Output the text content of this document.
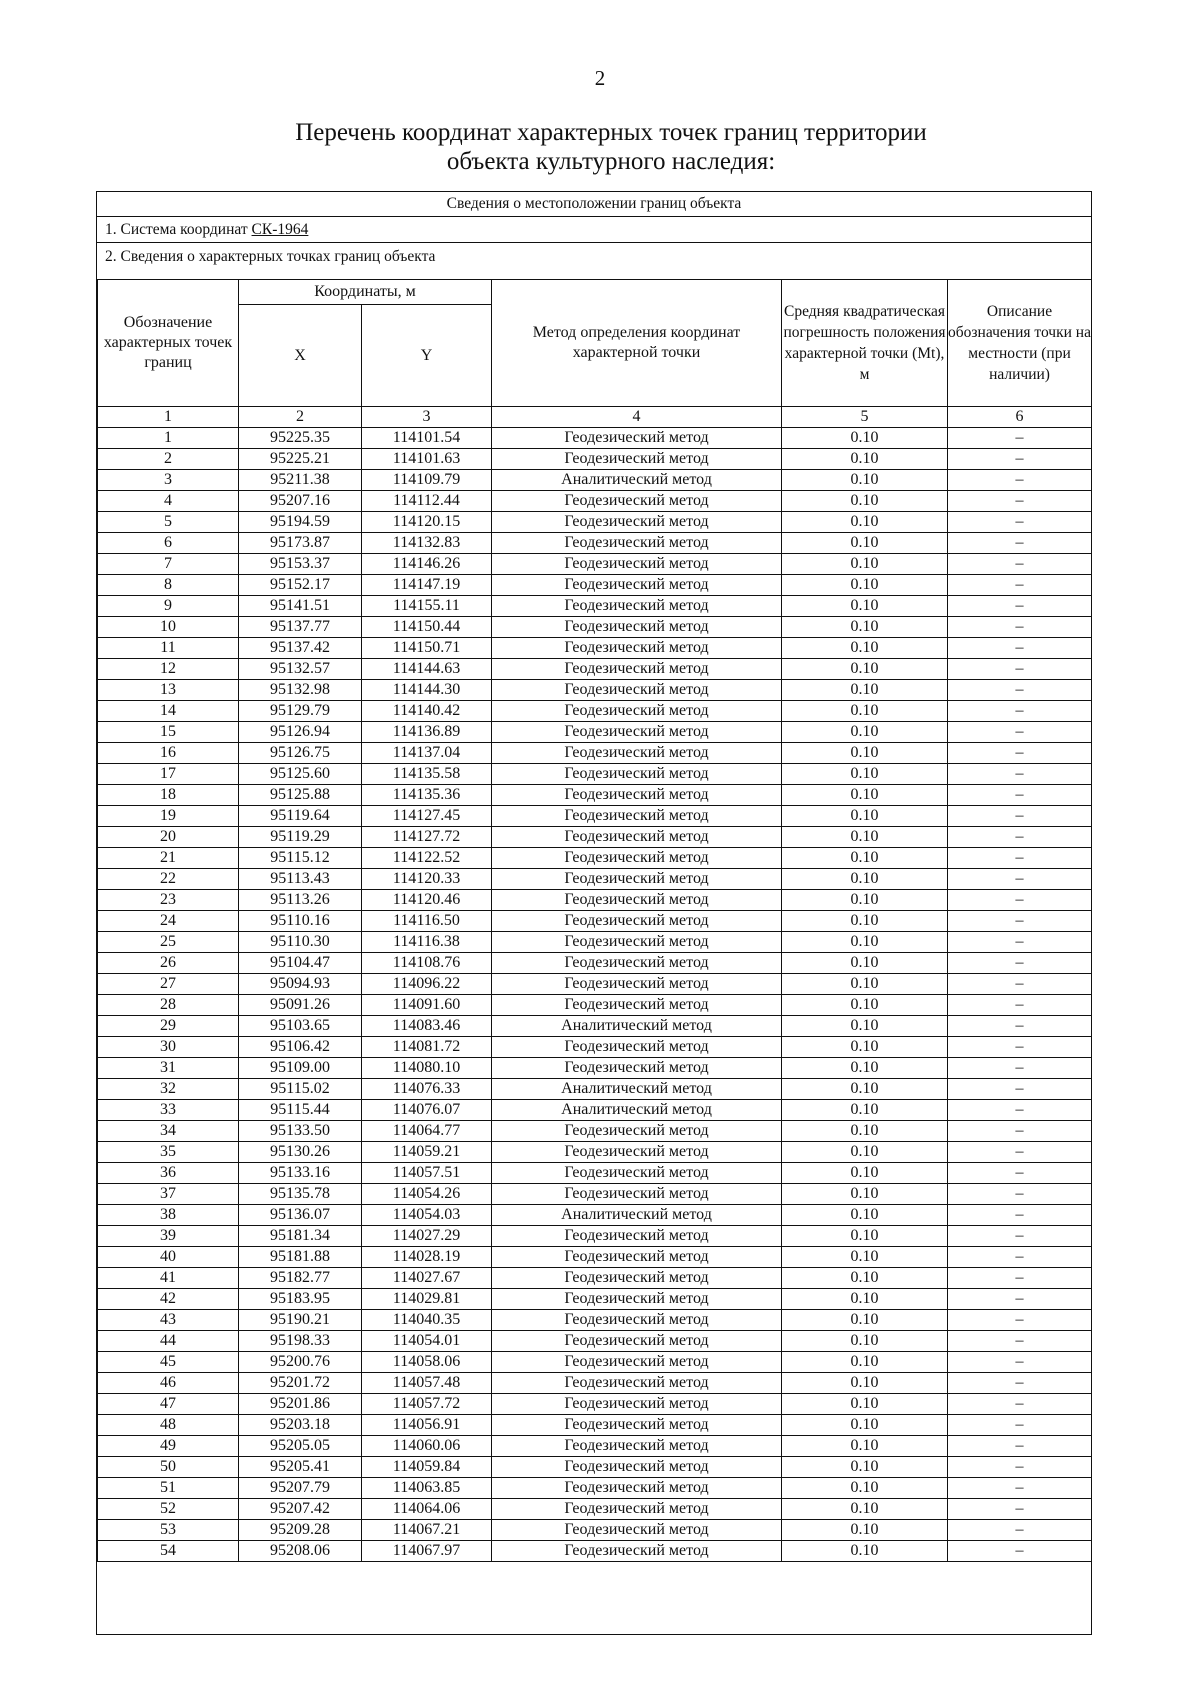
2
Перечень координат характерных точек границ территории
объекта культурного наследия:
Сведения о местоположении границ объекта
1. Система координат СК-1964
2. Сведения о характерных точках границ объекта
Обозначение характерных точек границ	Координаты, м		Метод определения координат характерной точки	Средняя квадратическая погрешность положения характерной точки (Mt), м	Описание обозначения точки на местности (при наличии)
	X	Y			
1	2	3	4	5	6
1	95225.35	114101.54	Геодезический метод	0.10	–
2	95225.21	114101.63	Геодезический метод	0.10	–
3	95211.38	114109.79	Аналитический метод	0.10	–
4	95207.16	114112.44	Геодезический метод	0.10	–
5	95194.59	114120.15	Геодезический метод	0.10	–
6	95173.87	114132.83	Геодезический метод	0.10	–
7	95153.37	114146.26	Геодезический метод	0.10	–
8	95152.17	114147.19	Геодезический метод	0.10	–
9	95141.51	114155.11	Геодезический метод	0.10	–
10	95137.77	114150.44	Геодезический метод	0.10	–
11	95137.42	114150.71	Геодезический метод	0.10	–
12	95132.57	114144.63	Геодезический метод	0.10	–
13	95132.98	114144.30	Геодезический метод	0.10	–
14	95129.79	114140.42	Геодезический метод	0.10	–
15	95126.94	114136.89	Геодезический метод	0.10	–
16	95126.75	114137.04	Геодезический метод	0.10	–
17	95125.60	114135.58	Геодезический метод	0.10	–
18	95125.88	114135.36	Геодезический метод	0.10	–
19	95119.64	114127.45	Геодезический метод	0.10	–
20	95119.29	114127.72	Геодезический метод	0.10	–
21	95115.12	114122.52	Геодезический метод	0.10	–
22	95113.43	114120.33	Геодезический метод	0.10	–
23	95113.26	114120.46	Геодезический метод	0.10	–
24	95110.16	114116.50	Геодезический метод	0.10	–
25	95110.30	114116.38	Геодезический метод	0.10	–
26	95104.47	114108.76	Геодезический метод	0.10	–
27	95094.93	114096.22	Геодезический метод	0.10	–
28	95091.26	114091.60	Геодезический метод	0.10	–
29	95103.65	114083.46	Аналитический метод	0.10	–
30	95106.42	114081.72	Геодезический метод	0.10	–
31	95109.00	114080.10	Геодезический метод	0.10	–
32	95115.02	114076.33	Аналитический метод	0.10	–
33	95115.44	114076.07	Аналитический метод	0.10	–
34	95133.50	114064.77	Геодезический метод	0.10	–
35	95130.26	114059.21	Геодезический метод	0.10	–
36	95133.16	114057.51	Геодезический метод	0.10	–
37	95135.78	114054.26	Геодезический метод	0.10	–
38	95136.07	114054.03	Аналитический метод	0.10	–
39	95181.34	114027.29	Геодезический метод	0.10	–
40	95181.88	114028.19	Геодезический метод	0.10	–
41	95182.77	114027.67	Геодезический метод	0.10	–
42	95183.95	114029.81	Геодезический метод	0.10	–
43	95190.21	114040.35	Геодезический метод	0.10	–
44	95198.33	114054.01	Геодезический метод	0.10	–
45	95200.76	114058.06	Геодезический метод	0.10	–
46	95201.72	114057.48	Геодезический метод	0.10	–
47	95201.86	114057.72	Геодезический метод	0.10	–
48	95203.18	114056.91	Геодезический метод	0.10	–
49	95205.05	114060.06	Геодезический метод	0.10	–
50	95205.41	114059.84	Геодезический метод	0.10	–
51	95207.79	114063.85	Геодезический метод	0.10	–
52	95207.42	114064.06	Геодезический метод	0.10	–
53	95209.28	114067.21	Геодезический метод	0.10	–
54	95208.06	114067.97	Геодезический метод	0.10	–
